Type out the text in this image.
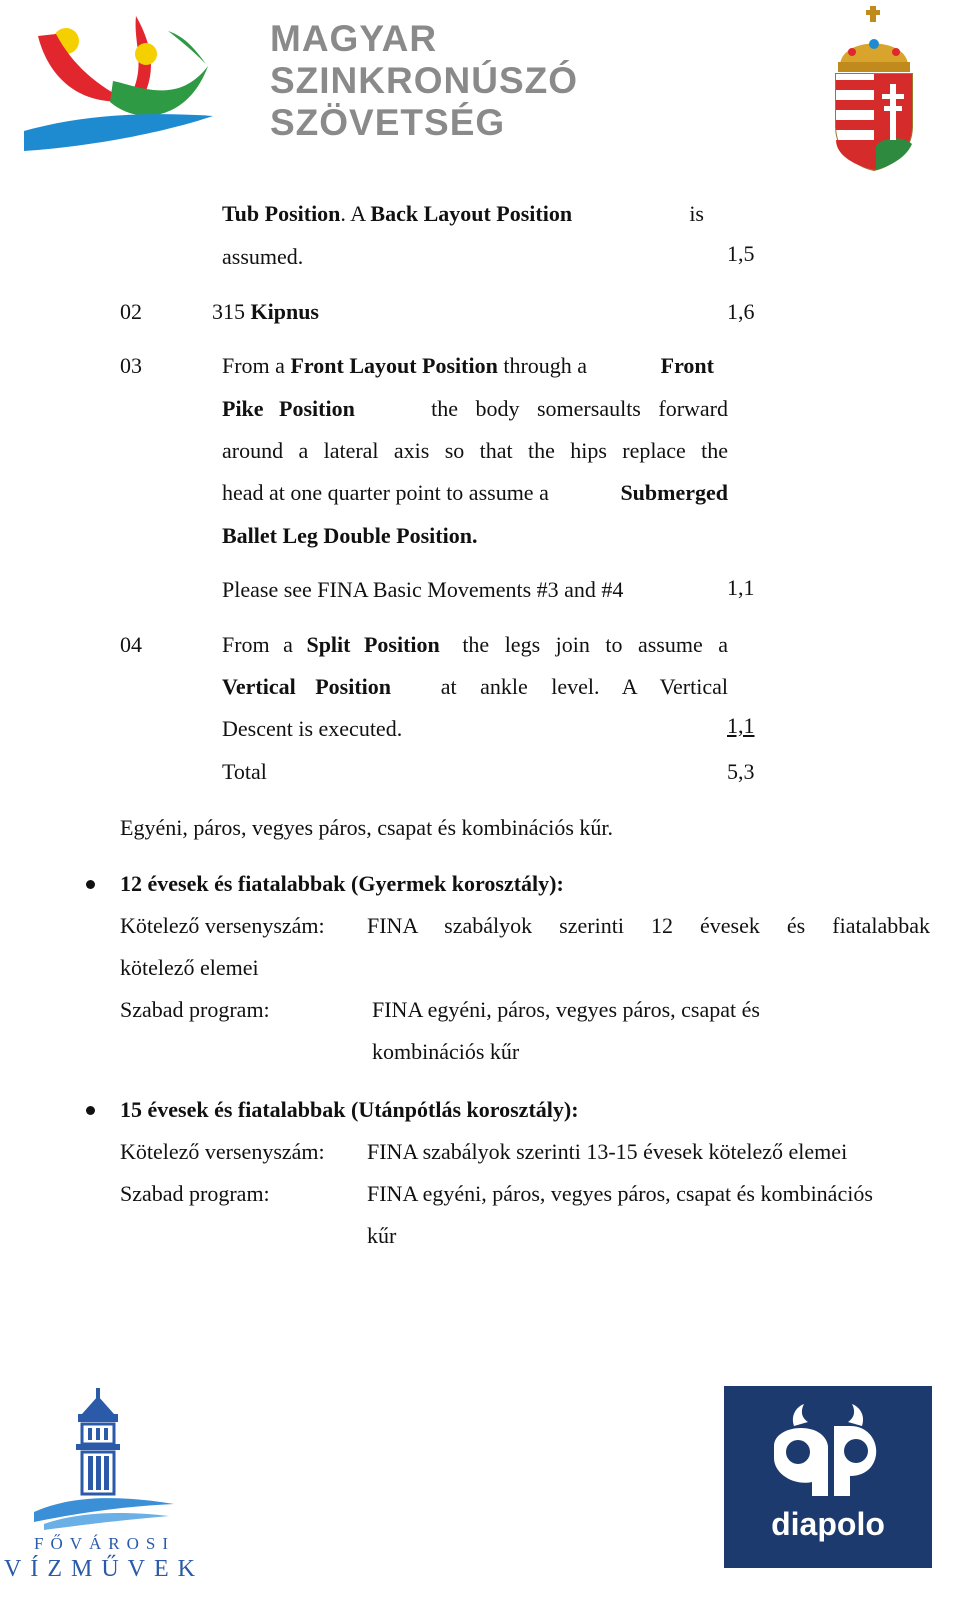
MAGYAR
SZINKRONÚSZÓ
SZÖVETSÉG
Tub Position. A Back Layout Position	is
assumed.	1,5
02	315 Kipnus	1,6
03	From a Front Layout Position through a	Front
Pike Position	the body somersaults forward
around a lateral axis so that the hips replace the
head at one quarter point to assume a	Submerged
Ballet Leg Double Position.
Please see FINA Basic Movements #3 and #4	1,1
04	From a Split Position the legs join to assume a
Vertical Position at ankle level. A Vertical
Descent is executed.	1,1
Total	5,3
Egyéni, páros, vegyes páros, csapat és kombinációs kűr.
12 évesek és fiatalabbak (Gyermek korosztály):
Kötelező versenyszám: FINA szabályok szerinti 12 évesek és fiatalabbak
kötelező elemei
Szabad program:	FINA egyéni, páros, vegyes páros, csapat és
kombinációs kűr
15 évesek és fiatalabbak (Utánpótlás korosztály):
Kötelező versenyszám: FINA szabályok szerinti 13-15 évesek kötelező elemei
Szabad program:	FINA egyéni, páros, vegyes páros, csapat és kombinációs
kűr
FŐVÁROSI
VÍZMŰVEK
diapolo
